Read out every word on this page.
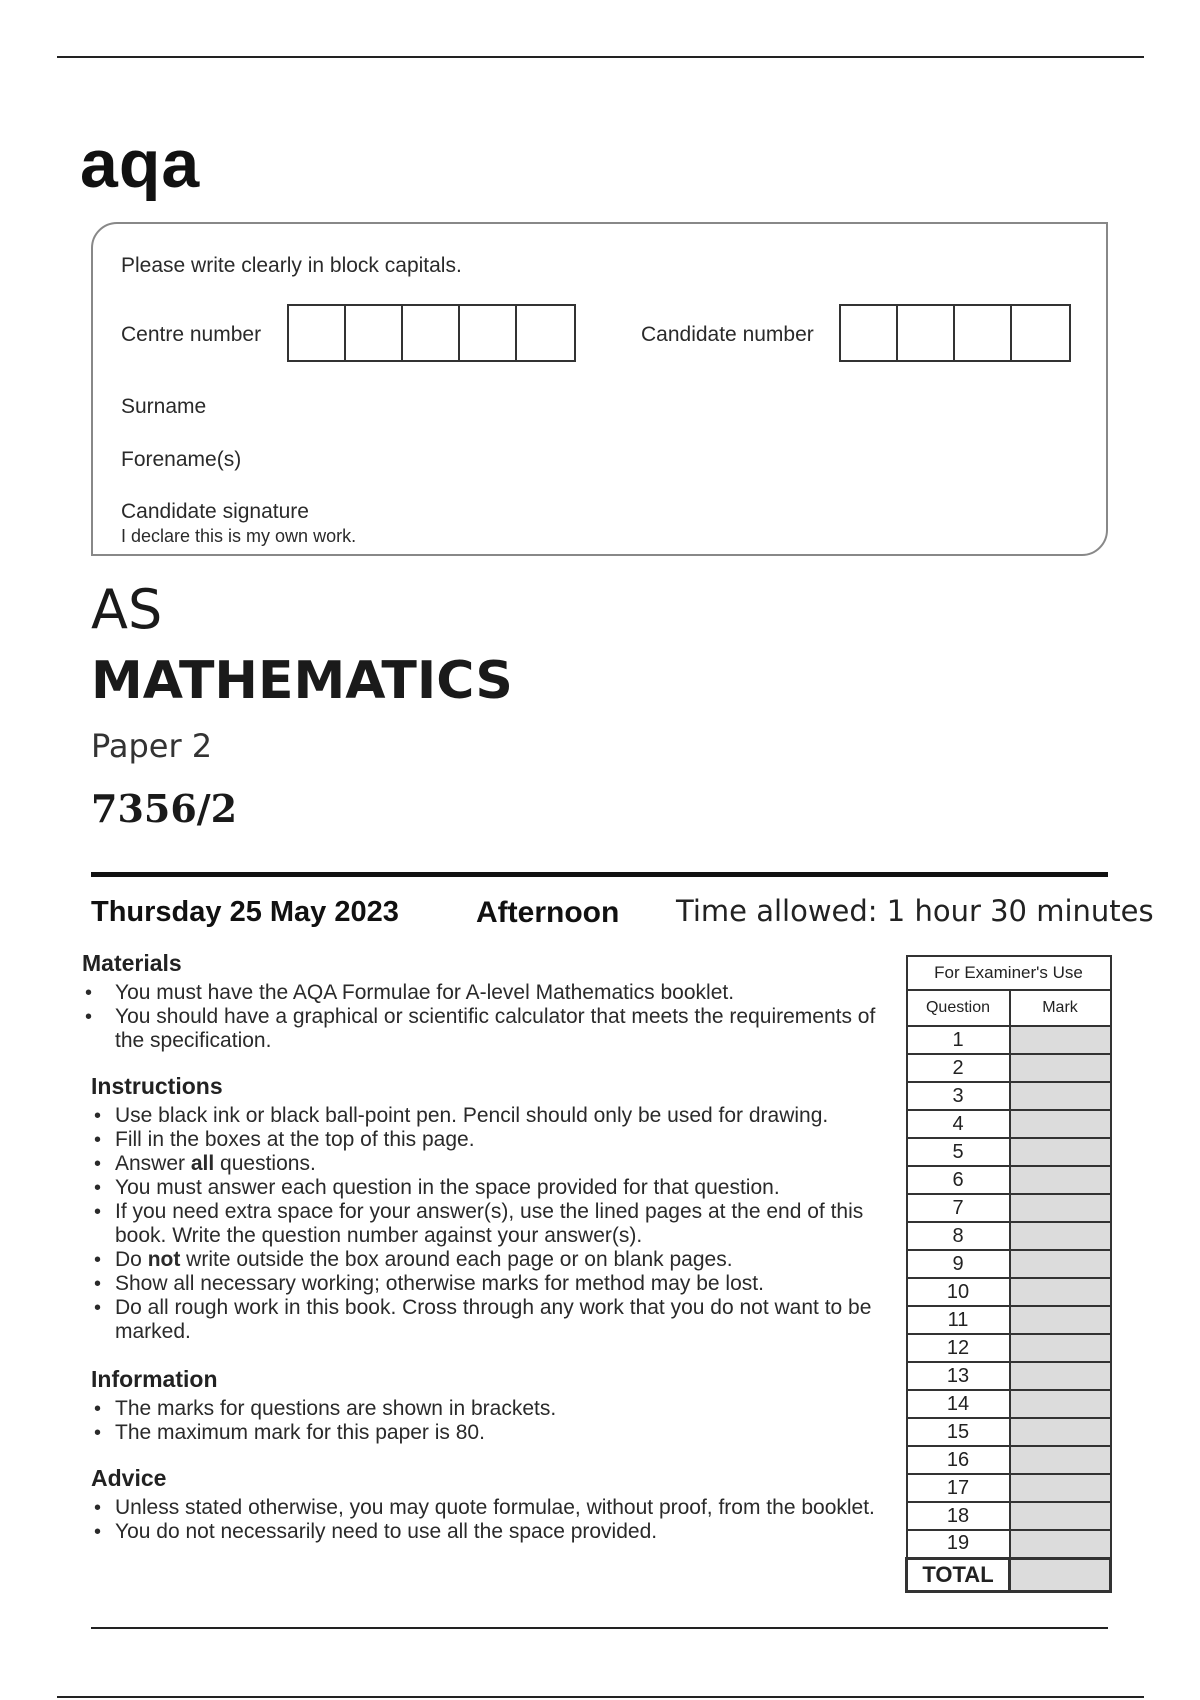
aqa
Please write clearly in block capitals.
Centre number	Candidate number
Surname
Forename(s)
Candidate signature
I declare this is my own work.
AS
MATHEMATICS
Paper 2
7356/2
Thursday 25 May 2023	Afternoon Time allowed: 1 hour 30 minutes
Materials
• You must have the AQA Formulae for A-level Mathematics booklet.
• You should have a graphical or scientific calculator that meets the requirements of the specification.
Instructions
• Use black ink or black ball-point pen. Pencil should only be used for drawing.
• Fill in the boxes at the top of this page.
• Answer all questions.
• You must answer each question in the space provided for that question.
• If you need extra space for your answer(s), use the lined pages at the end of this book. Write the question number against your answer(s).
• Do not write outside the box around each page or on blank pages.
• Show all necessary working; otherwise marks for method may be lost.
• Do all rough work in this book. Cross through any work that you do not want to be marked.
Information
• The marks for questions are shown in brackets.
• The maximum mark for this paper is 80.
Advice
• Unless stated otherwise, you may quote formulae, without proof, from the booklet.
• You do not necessarily need to use all the space provided.
For Examiner's Use	
Question	Mark
1	
2	
3	
4	
5	
6	
7	
8	
9	
10	
11	
12	
13	
14	
15	
16	
17	
18	
19	
TOTAL	
